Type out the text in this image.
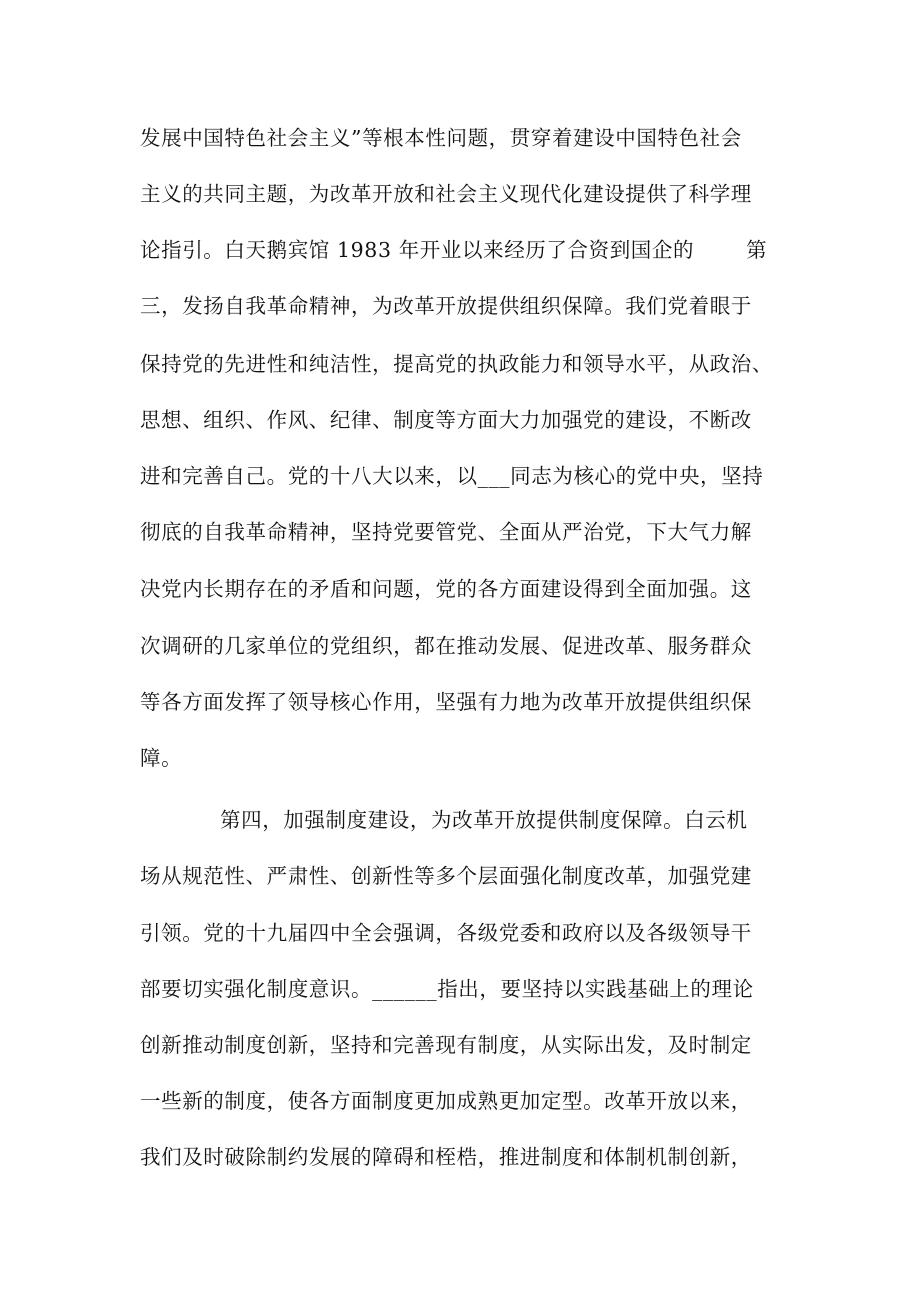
发展中国特色社会主义”等根本性问题，贯穿着建设中国特色社会
主义的共同主题，为改革开放和社会主义现代化建设提供了科学理
论指引。白天鹅宾馆 1983 年开业以来经历了合资到国企的	第
三，发扬自我革命精神，为改革开放提供组织保障。我们党着眼于
保持党的先进性和纯洁性，提高党的执政能力和领导水平，从政治、
思想、组织、作风、纪律、制度等方面大力加强党的建设，不断改
进和完善自己。党的十八大以来，以___同志为核心的党中央，坚持
彻底的自我革命精神，坚持党要管党、全面从严治党，下大气力解
决党内长期存在的矛盾和问题，党的各方面建设得到全面加强。这
次调研的几家单位的党组织，都在推动发展、促进改革、服务群众
等各方面发挥了领导核心作用，坚强有力地为改革开放提供组织保
障。
第四，加强制度建设，为改革开放提供制度保障。白云机
场从规范性、严肃性、创新性等多个层面强化制度改革，加强党建
引领。党的十九届四中全会强调，各级党委和政府以及各级领导干
部要切实强化制度意识。______指出，要坚持以实践基础上的理论
创新推动制度创新，坚持和完善现有制度，从实际出发，及时制定
一些新的制度，使各方面制度更加成熟更加定型。改革开放以来，
我们及时破除制约发展的障碍和桎梏，推进制度和体制机制创新，
